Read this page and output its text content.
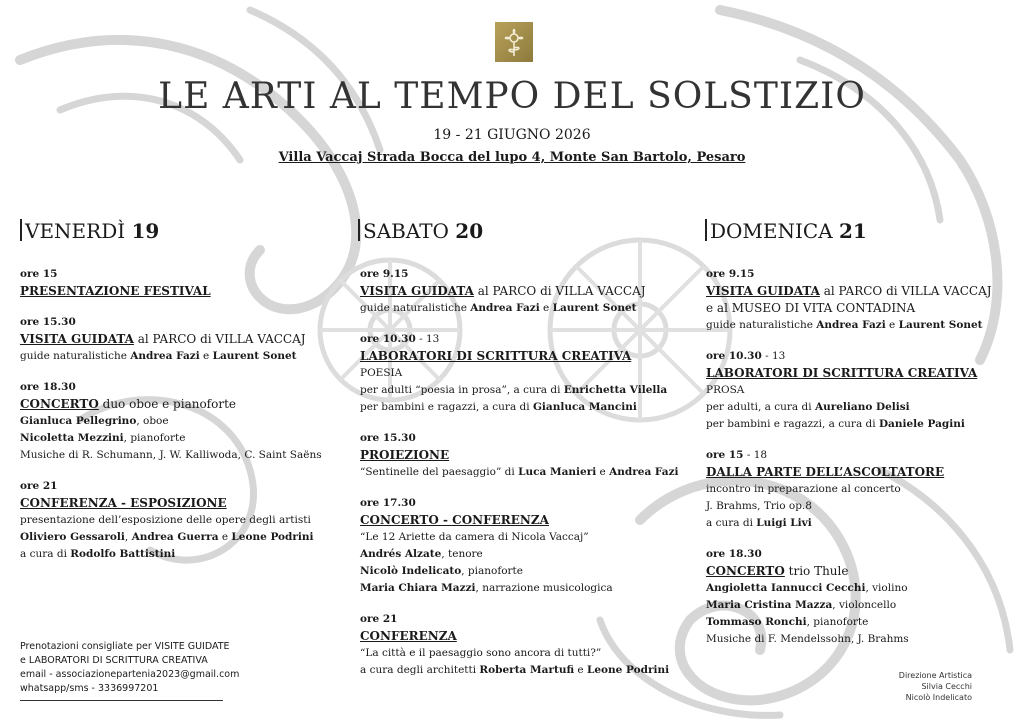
LE ARTI AL TEMPO DEL SOLSTIZIO
19 - 21 GIUGNO 2026
Villa Vaccaj Strada Bocca del lupo 4, Monte San Bartolo, Pesaro
VENERDÌ 19	SABATO 20	DOMENICA 21
ore 15
PRESENTAZIONE FESTIVAL
ore 15.30
VISITA GUIDATA al PARCO di VILLA VACCAJ
guide naturalistiche Andrea Fazi e Laurent Sonet
ore 18.30
CONCERTO duo oboe e pianoforte
Gianluca Pellegrino, oboe
Nicoletta Mezzini, pianoforte
Musiche di R. Schumann, J. W. Kalliwoda, C. Saint Saëns
ore 21
CONFERENZA - ESPOSIZIONE
presentazione dell’esposizione delle opere degli artisti
Oliviero Gessaroli, Andrea Guerra e Leone Podrini
a cura di Rodolfo Battistini
ore 9.15
VISITA GUIDATA al PARCO di VILLA VACCAJ
guide naturalistiche Andrea Fazi e Laurent Sonet
ore 10.30 - 13
LABORATORI DI SCRITTURA CREATIVA
POESIA
per adulti “poesia in prosa”, a cura di Enrichetta Vilella
per bambini e ragazzi, a cura di Gianluca Mancini
ore 15.30
PROIEZIONE
“Sentinelle del paesaggio” di Luca Manieri e Andrea Fazi
ore 17.30
CONCERTO - CONFERENZA
“Le 12 Ariette da camera di Nicola Vaccaj”
Andrés Alzate, tenore
Nicolò Indelicato, pianoforte
Maria Chiara Mazzi, narrazione musicologica
ore 21
CONFERENZA
“La città e il paesaggio sono ancora di tutti?”
a cura degli architetti Roberta Martufi e Leone Podrini
ore 9.15
VISITA GUIDATA al PARCO di VILLA VACCAJ
e al MUSEO DI VITA CONTADINA
guide naturalistiche Andrea Fazi e Laurent Sonet
ore 10.30 - 13
LABORATORI DI SCRITTURA CREATIVA
PROSA
per adulti, a cura di Aureliano Delisi
per bambini e ragazzi, a cura di Daniele Pagini
ore 15 - 18
DALLA PARTE DELL’ASCOLTATORE
incontro in preparazione al concerto
J. Brahms, Trio op.8
a cura di Luigi Livi
ore 18.30
CONCERTO trio Thule
Angioletta Iannucci Cecchi, violino
Maria Cristina Mazza, violoncello
Tommaso Ronchi, pianoforte
Musiche di F. Mendelssohn, J. Brahms
Prenotazioni consigliate per VISITE GUIDATE
e LABORATORI DI SCRITTURA CREATIVA
email - associazionepartenia2023@gmail.com
whatsapp/sms - 3336997201
Direzione Artistica
Silvia Cecchi
Nicolò Indelicato
